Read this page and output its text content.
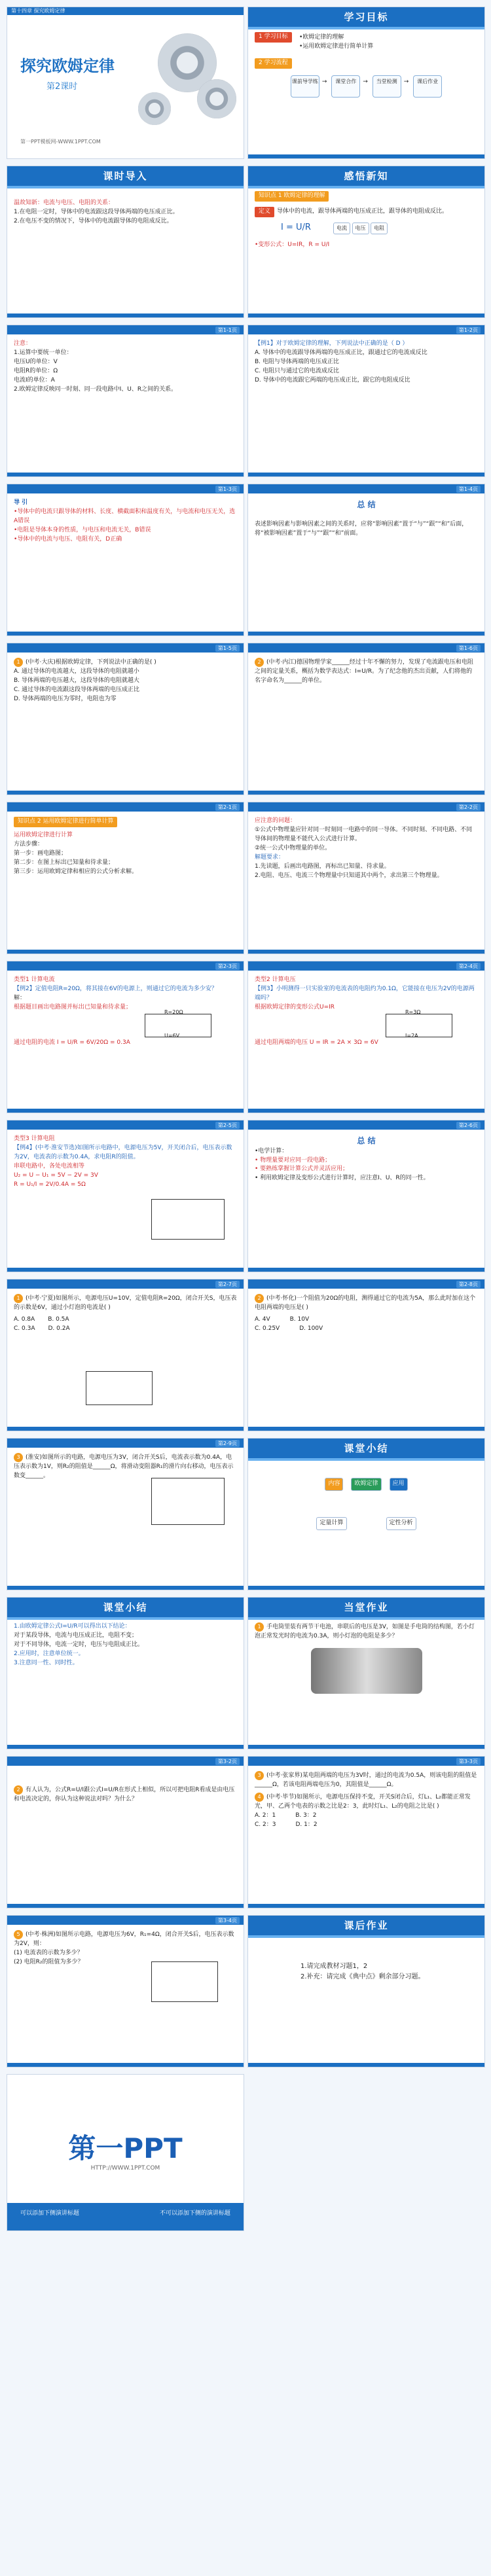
第十四章 探究欧姆定律
探究欧姆定律
第2课时
第一PPT模板网-WWW.1PPT.COM
学习目标
1 学习目标 •欧姆定律的理解
•运用欧姆定律进行简单计算
2 学习流程
课前导学练 → 课堂合作 → 当堂检测 → 课后作业
课时导入
温故知新：电流与电压、电阻的关系：
1.在电阻一定时，导体中的电流跟这段导体两端的电压成正比。
2.在电压不变的情况下，导体中的电流跟导体的电阻成反比。
感悟新知
知识点 1 欧姆定律的理解
定义 导体中的电流，跟导体两端的电压成正比，跟导体的电阻成反比。
I = U/R	电流 电压 电阻
•变形公式：U=IR，R = U/I
第1-1页
注意：
1.运算中要统一单位：
电压U的单位：V
电阻R的单位：Ω
电流I的单位：A
2.欧姆定律反映同一时刻、同一段电路中I、U、R之间的关系。
第1-2页
【例1】对于欧姆定律的理解，下列说法中正确的是（ D ）
A. 导体中的电流跟导体两端的电压成正比，跟通过它的电流成反比
B. 电阻与导体两端的电压成正比
C. 电阻只与通过它的电流成反比
D. 导体中的电流跟它两端的电压成正比，跟它的电阻成反比
第1-3页
导 引
•导体中的电流只跟导体的材料、长度、横截面积和温度有关，与电流和电压无关，选A错误
•电阻是导体本身的性质，与电压和电流无关，B错误
•导体中的电流与电压、电阻有关，D正确
第1-4页
总 结
表述影响因素与影响因素之间的关系时，应将“影响因素”置于“与”“跟”“和”后面，将“被影响因素”置于“与”“跟”“和”前面。
第1-5页
1 (中考·大庆)根据欧姆定律，下列说法中正确的是( )
A. 通过导体的电流越大，这段导体的电阻就越小
B. 导体两端的电压越大，这段导体的电阻就越大
C. 通过导体的电流跟这段导体两端的电压成正比
D. 导体两端的电压为零时，电阻也为零
第1-6页
2 (中考·内江)德国物理学家______经过十年不懈的努力，发现了电流跟电压和电阻之间的定量关系，概括为数学表达式：I=U/R。为了纪念他的杰出贡献，人们将他的名字命名为______的单位。
第2-1页
知识点 2 运用欧姆定律进行简单计算
运用欧姆定律进行计算
方法步骤：
第一步：画电路图；
第二步：在图上标出已知量和待求量；
第三步：运用欧姆定律和相应的公式分析求解。
第2-2页
应注意的问题：
①公式中物理量应针对同一时刻同一电路中的同一导体。不同时刻、不同电路、不同导体间的物理量不能代入公式进行计算。
②统一公式中物理量的单位。
解题要求：
1.先读题，后画出电路图，再标出已知量、待求量。
2.电阻、电压、电流三个物理量中只知道其中两个，求出第三个物理量。
第2-3页
类型1 计算电流
【例2】定值电阻R=20Ω，将其接在6V的电源上，则通过它的电流为多少安？
解：
根据题目画出电路图并标出已知量和待求量；
R=20Ω
U=6V
通过电阻的电流 I = U/R = 6V/20Ω = 0.3A
第2-4页
类型2 计算电压
【例3】小明测得一只实验室的电流表的电阻约为0.1Ω，它能接在电压为2V的电源两端吗？
根据欧姆定律的变形公式U=IR
R=3Ω
I=2A
通过电阻两端的电压 U = IR = 2A × 3Ω = 6V
第2-5页
类型3 计算电阻
【例4】(中考·淮安节选)如图所示电路中，电源电压为5V，开关闭合后，电压表示数为2V，电流表的示数为0.4A，求电阻R的阻值。
串联电路中，各处电流相等
U₂ = U − U₁ = 5V − 2V = 3V
R = U₁/I = 2V/0.4A = 5Ω
第2-6页
总 结
•电学计算：
• 物理量要对应同一段电路；
• 要熟练掌握计算公式并灵活应用；
• 利用欧姆定律及变形公式进行计算时，应注意I、U、R的同一性。
第2-7页
1 (中考·宁夏)如图所示，电源电压U=10V，定值电阻R=20Ω，闭合开关S，电压表的示数是6V，通过小灯泡的电流是( )
A. 0.8A B. 0.5A
C. 0.3A D. 0.2A
第2-8页
2 (中考·怀化)一个阻值为20Ω的电阻，测得通过它的电流为5A，那么此时加在这个电阻两端的电压是( )
A. 4V	B. 10V
C. 0.25V	D. 100V
第2-9页
3 (淮安)如图所示的电路，电源电压为3V，闭合开关S后，电流表示数为0.4A，电压表示数为1V，则R₂的阻值是______Ω，将滑动变阻器R₁的滑片向右移动，电压表示数变______。
课堂小结
内容	欧姆定律	应用
定量计算	定性分析
课堂小结
1.由欧姆定律公式I=U/R可以得出以下结论：
对于某段导体，电流与电压成正比，电阻不变；
对于不同导体，电流一定时，电压与电阻成正比。
2.应用时，注意单位统一。
3.注意同一性、同时性。
当堂作业
1 手电筒里装有两节干电池，串联后的电压是3V，如图是手电筒的结构图，若小灯泡正常发光时的电流为0.3A，则小灯泡的电阻是多少？
第3-2页
2 有人认为，公式R=U/I跟公式I=U/R在形式上相似，所以可把电阻R看成是由电压和电流决定的，你认为这种说法对吗？为什么？
第3-3页
3 (中考·张家界)某电阻两端的电压为3V时，通过的电流为0.5A，则该电阻的阻值是______Ω，若该电阻两端电压为0，其阻值是______Ω。
4 (中考·毕节)如图所示，电源电压保持不变，开关S闭合后，灯L₁、L₂都能正常发光，甲、乙两个电表的示数之比是2：3，此时灯L₁、L₂的电阻之比是( )
A. 2：1	B. 3：2
C. 2：3	D. 1：2
第3-4页
5 (中考·株洲)如图所示电路，电源电压为6V，R₁=4Ω，闭合开关S后，电压表示数为2V，则：
(1) 电流表的示数为多少？
(2) 电阻R₂的阻值为多少？
课后作业
1.请完成教材习题1，2
2.补充：请完成《典中点》剩余部分习题。
第一PPT
HTTP://WWW.1PPT.COM
可以添加下侧演讲标题	不可以添加下侧的演讲标题
